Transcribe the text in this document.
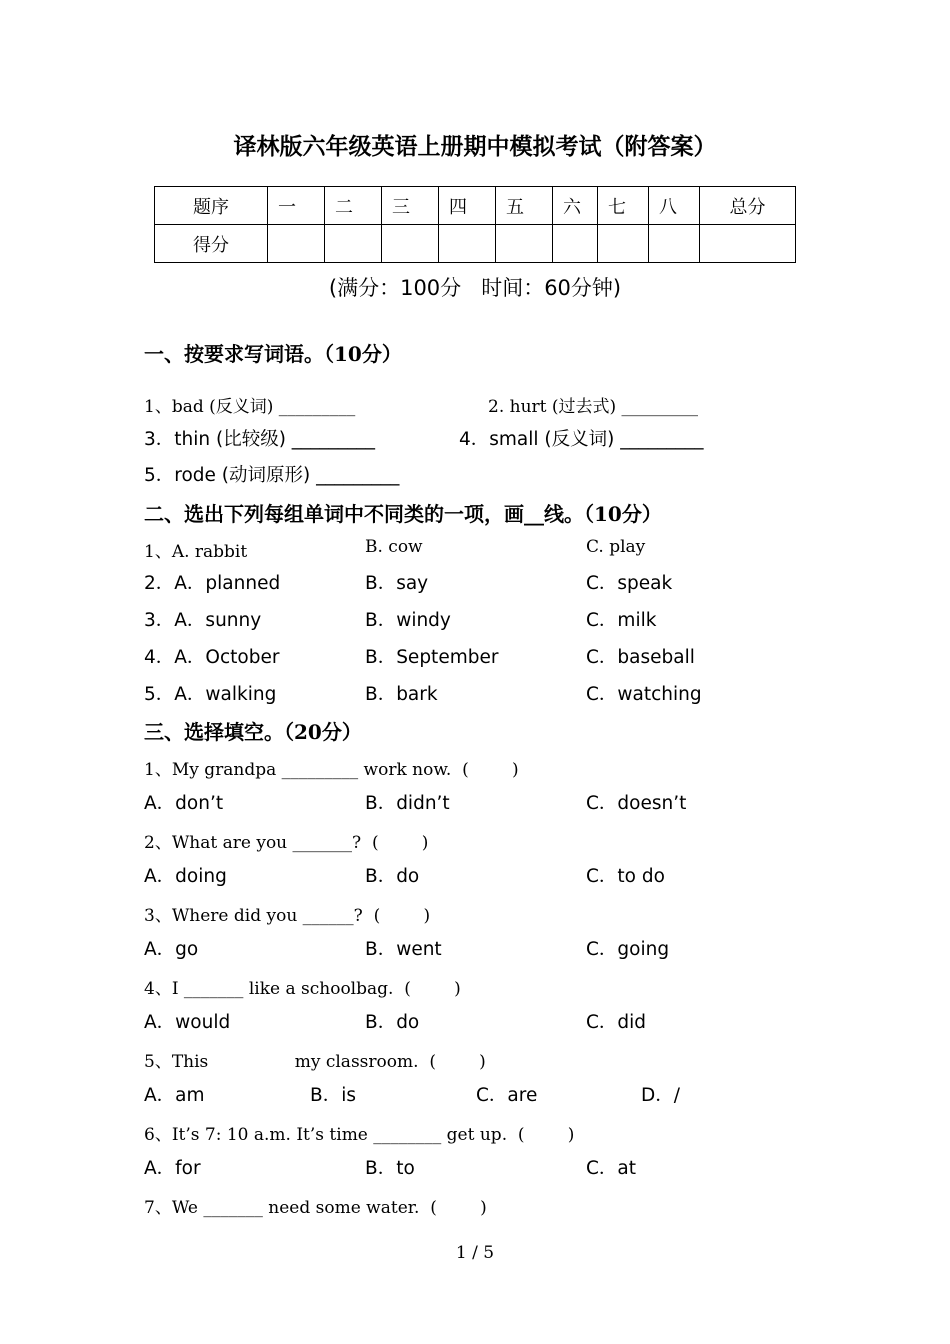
译林版六年级英语上册期中模拟考试（附答案）
题序	一	二	三	四	五	六	七	八	总分
得分									
(满分：100分   时间：60分钟)
一、按要求写词语。（10分）
1、bad (反义词) _________	2. hurt (过去式) _________
3．thin (比较级) _________	4．small (反义词) _________
5．rode (动词原形) _________
二、选出下列每组单词中不同类的一项，画__线。（10分）
1、A. rabbit	B. cow	C. play
2．A．planned	B．say	C．speak
3．A．sunny	B．windy	C．milk
4．A．October	B．September	C．baseball
5．A．walking	B．bark	C．watching
三、选择填空。（20分）
1、My grandpa _________ work now.  (        )
A．don’t	B．didn’t	C．doesn’t
2、What are you _______?  (        )
A．doing	B．do	C．to do
3、Where did you ______?  (        )
A．go	B．went	C．going
4、I _______ like a schoolbag.  (        )
A．would	B．do	C．did
5、This                my classroom.  (        )
A．am	B．is	C．are	D．/
6、It’s 7: 10 a.m. It’s time ________ get up.  (        )
A．for	B．to	C．at
7、We _______ need some water.  (        )
1 / 5
